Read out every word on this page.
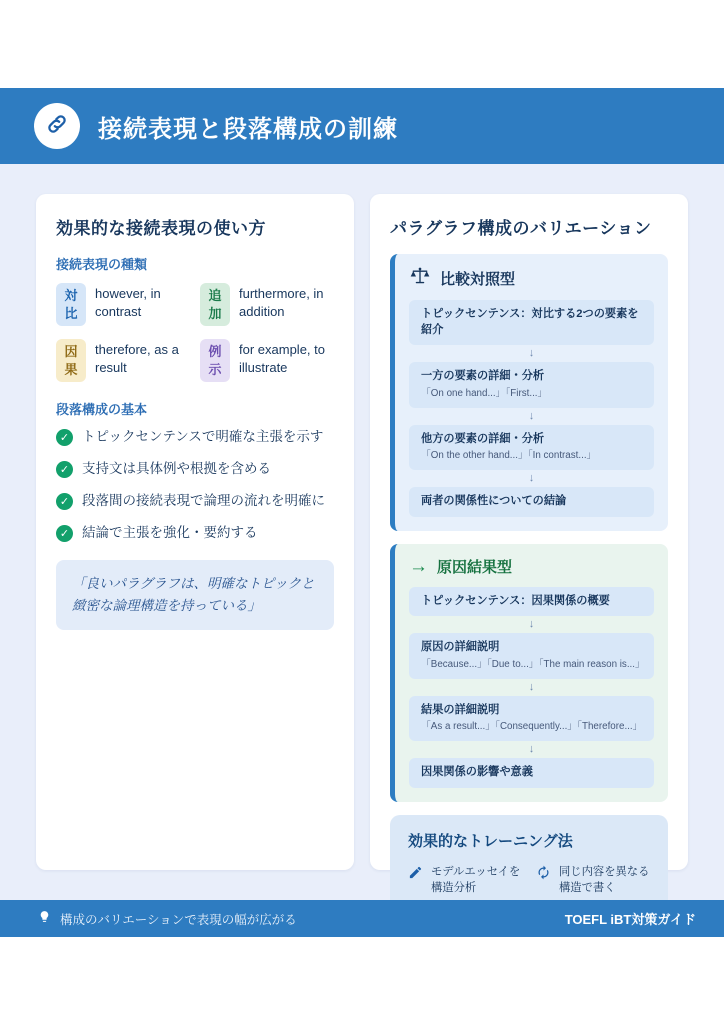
接続表現と段落構成の訓練
効果的な接続表現の使い方
接続表現の種類
対比
however, in contrast
追加
furthermore, in addition
因果
therefore, as a result
例示
for example, to illustrate
段落構成の基本
✓ トピックセンテンスで明確な主張を示す
✓ 支持文は具体例や根拠を含める
✓ 段落間の接続表現で論理の流れを明確に
✓ 結論で主張を強化・要約する
「良いパラグラフは、明確なトピックと緻密な論理構造を持っている」
パラグラフ構成のバリエーション
比較対照型
トピックセンテンス：対比する2つの要素を紹介
↓
一方の要素の詳細・分析
「On one hand...」「First...」
↓
他方の要素の詳細・分析
「On the other hand...」「In contrast...」
↓
両者の関係性についての結論
→ 原因結果型
トピックセンテンス：因果関係の概要
↓
原因の詳細説明
「Because...」「Due to...」「The main reason is...」
↓
結果の詳細説明
「As a result...」「Consequently...」「Therefore...」
↓
因果関係の影響や意義
効果的なトレーニング法
モデルエッセイを構造分析
同じ内容を異なる構造で書く
構成のバリエーションで表現の幅が広がる	TOEFL iBT対策ガイド
